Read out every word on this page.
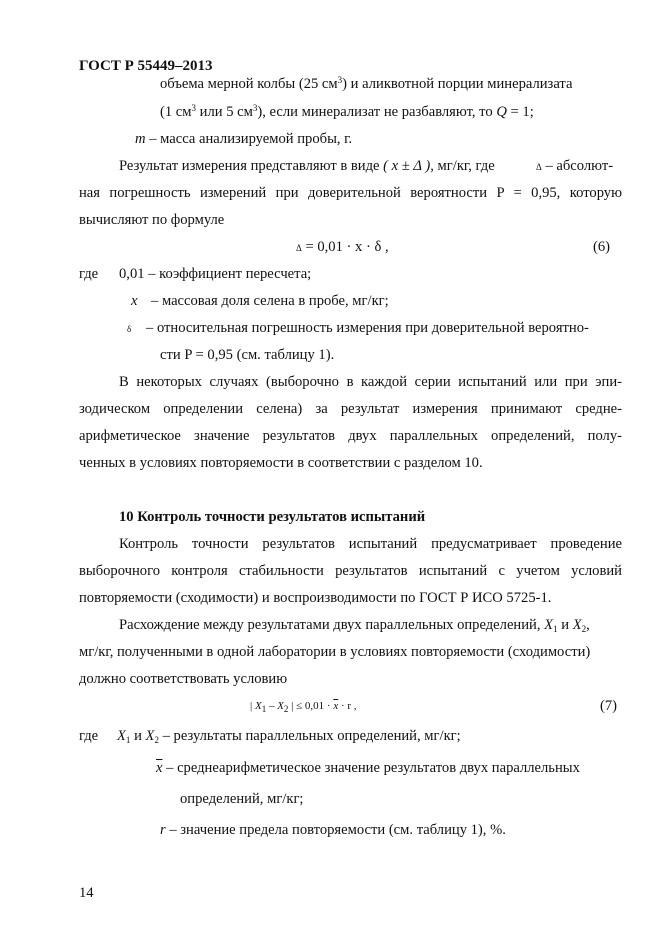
ГОСТ Р 55449–2013
объема мерной колбы (25 $см^3$) и аликвотной порции минерализата
(1 $см^3$ или 5 $см^3$), если минерализат не разбавляют, то Q = 1;
m – масса анализируемой пробы, г.
Результат измерения представляют в виде ( x ± Δ ), мг/кг, где	Δ – абсолют-
ная погрешность измерений при доверительной вероятности P = 0,95, которую
вычисляют по формуле
Δ = 0,01 · x · δ ,	(6)
где 0,01 – коэффициент пересчета;
x – массовая доля селена в пробе, мг/кг;
δ – относительная погрешность измерения при доверительной вероятно-
сти P = 0,95 (см. таблицу 1).
В некоторых случаях (выборочно в каждой серии испытаний или при эпи-
зодическом определении селена) за результат измерения принимают средне-
арифметическое значение результатов двух параллельных определений, полу-
ченных в условиях повторяемости в соответствии с разделом 10.
10 Контроль точности результатов испытаний
Контроль точности результатов испытаний предусматривает проведение
выборочного контроля стабильности результатов испытаний с учетом условий
повторяемости (сходимости) и воспроизводимости по ГОСТ Р ИСО 5725-1.
Расхождение между результатами двух параллельных определений, $X_1$ и $X_2$,
мг/кг, полученными в одной лаборатории в условиях повторяемости (сходимости)
должно соответствовать условию
| $X_1 - X_2$ | ≤ $0,01 \cdot \overline{x} \cdot r$ ,	(7)
где $X_1$ и $X_2$ – результаты параллельных определений, мг/кг;
$\overline{x}$ – среднеарифметическое значение результатов двух параллельных
определений, мг/кг;
r – значение предела повторяемости (см. таблицу 1), %.
14
